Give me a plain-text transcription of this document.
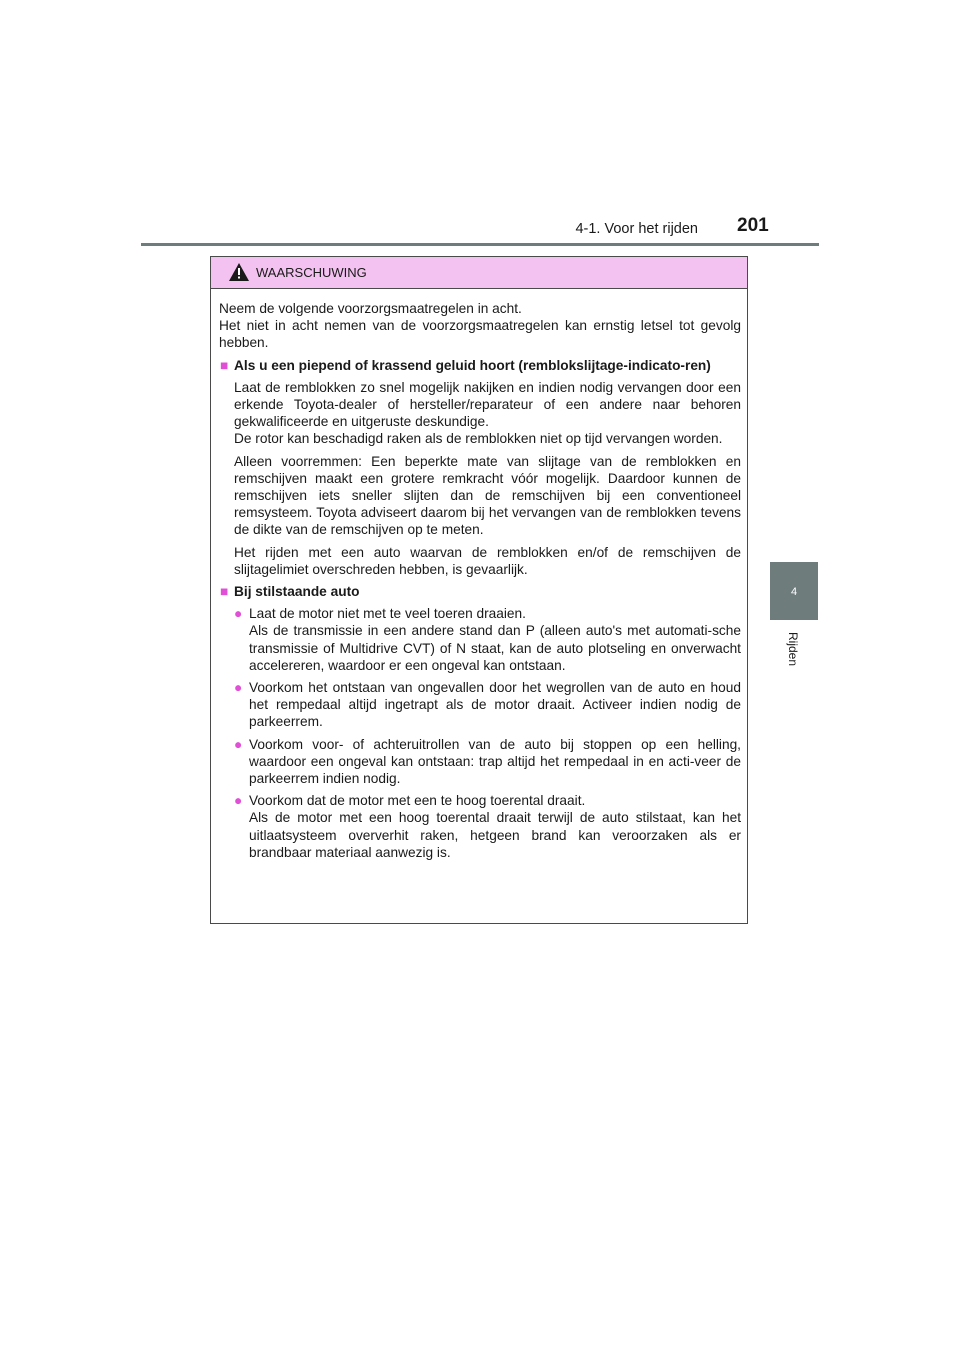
4-1. Voor het rijden 201
4
Rijden
WAARSCHUWING

Neem de volgende voorzorgsmaatregelen in acht.

Het niet in acht nemen van de voorzorgsmaatregelen kan ernstig letsel tot gevolg hebben.

■ Als u een piepend of krassend geluid hoort (remblokslijtage-indicato-ren)

Laat de remblokken zo snel mogelijk nakijken en indien nodig vervangen door een erkende Toyota-dealer of hersteller/reparateur of een andere naar behoren gekwalificeerde en uitgeruste deskundige.
De rotor kan beschadigd raken als de remblokken niet op tijd vervangen worden.
Alleen voorremmen: Een beperkte mate van slijtage van de remblokken en remschijven maakt een grotere remkracht vóór mogelijk. Daardoor kunnen de remschijven iets sneller slijten dan de remschijven bij een conventioneel remsysteem. Toyota adviseert daarom bij het vervangen van de remblokken tevens de dikte van de remschijven op te meten.
Het rijden met een auto waarvan de remblokken en/of de remschijven de slijtagelimiet overschreden hebben, is gevaarlijk.

■ Bij stilstaande auto

● Laat de motor niet met te veel toeren draaien.
Als de transmissie in een andere stand dan P (alleen auto's met automati-sche transmissie of Multidrive CVT) of N staat, kan de auto plotseling en onverwacht accelereren, waardoor er een ongeval kan ontstaan.
● Voorkom het ontstaan van ongevallen door het wegrollen van de auto en houd het rempedaal altijd ingetrapt als de motor draait. Activeer indien nodig de parkeerrem.
● Voorkom voor- of achteruitrollen van de auto bij stoppen op een helling, waardoor een ongeval kan ontstaan: trap altijd het rempedaal in en acti-veer de parkeerrem indien nodig.
● Voorkom dat de motor met een te hoog toerental draait.
Als de motor met een hoog toerental draait terwijl de auto stilstaat, kan het uitlaatsysteem oververhit raken, hetgeen brand kan veroorzaken als er brandbaar materiaal aanwezig is.
